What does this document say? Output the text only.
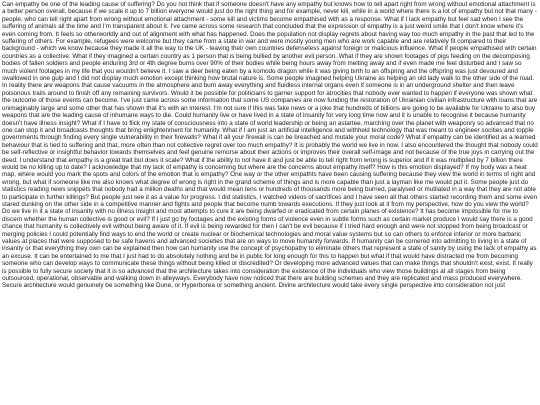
Can empathy be one of the leading cause of suffering? Do you not think that if someone doesn't have any empathy but knows how to tell apart right from wrong without emotional attachment is a better person overall, because if we scale it up to 7 billion everyone would just do the right thing and for example, never kill, while in a world where there is a lot of empathy but not that many - people, who can tell right apart from wrong without emotional attachment - some kill and victims become empathised with as a response. What if I lack empathy but feel sad when I see the suffering of animals all the time and I'm transparent about it. I've came across some research that concluded that the expression of empathy is a just weird smile that I don't know where it's even coming from. It feels so otherworldly and out of alignment with what has happened. Does the population not display regrets about having way too much empathy in the past that led to the suffering of others. For example, refugees were welcome but they came from a state in war and were mostly young men who are work capable and are relatively fit compared to their background - which we know because they made it all the way to the UK - leaving their own countries defenseless against foreign or malicious influence. What if people empathised with certain countries as a collective. What if they imagined a certain country as 1 person that is being bullied by another evil person. What if they are shown footages of pigs feeding on the decomposing bodies of fallen soldiers and people enduring 3rd or 4th degree burns over 90% of their bodies while being hours away from melting away and if even made me feel disturbed and I saw so much violent footages in my life that you wouldn't believe it. I saw a deer being eaten by a komodo dragon while it was giving birth to an offspring and the offspring was just devoured and swallowed in one gulp and I did not display much emotion except thinking how brutal nature is. Some people imagined helping Ukraine as helping an old lady walk to the other side of the road. In reality there are weapons that cause vacuums in the atmosphere and burn away everything and fluidless internal organs even if someone is in an underground shelter and then leave poisonous trails around to finish off any remaining survivors. Would it be possible for politicians to garner support for atrocities that nobody ever wanted to happen if everyone was shown what the outcome of those events can become. I've just came across some information that some US companies are now funding the restoration of Ukrainian civilian infrastructure with loans that are unimaginably large and some other that has shown that it's with an interest. I'm not sure if this was fake news or a joke that hundreds of billions are going to be available for Ukraine to also buy weapons that are the leading cause of inhumane ways to die. Could humanity live or have lived in a state of insanity for very long time now and it is unable to recognise it because humanity doesn't have illness insight? What if I have to flick my state of consciousness into a state of world leadership or being an astartee, marching over the planet with weaponry so advanced that no one can stop it and broadcasts thoughts that bring enlightenment for humanity. What if I am just an artificial intelligence and withheld technology that was meant to engineer socities and topple governments through finding every single vulnerability in their firewalls? What if all your firewall is can be breached and mutate your moral code? What if empathy can be identified as a learned behaviour that is tied to suffering and that, more often than not collective regret over too much empathy? It is probably the world we live in now. I also encountered the thought that nobody could be self-reflective or insightful behavior towards themselves and feel genuine remorse about their actions or improves their overall self-image and not because of the true joys in carrying out the deed. I understand that empathy is a great trait but does it scale? What if the ability to not have it and just be able to tell right from wrong is superior and if it was multiplied by 7 billion there would be no killing up to date? I acknowledge that my lack of empathy is concerning but where are the concerns about empathy itself? How is this emotion displayed? If my body was a heat map, where would you mark the spots and colors of the emotion that is empathy? One way or the other empathts have been causing suffering because they view the world in terms of right and wrong, but what if someone like me also knows what degree of wrong is right in the grand scheme of things and is more capable than just a layman like me would put it. Some people just do statistics reading news snippets that nobody had a million deaths and that would mean tens or hundreds of thousands more being burned, paralysed or mutilated in a way that they are not able to participate in further killings? But people just see it as a value for progress. I did statistics, I watched videos of sacrifices and I have seen all that others started recording them and some even stared dunking on the other side in a competitive manner and fights and people that become numb towards executions. If they just look at it from my perspective, how do you view the world? Do we live in it a state of insanity with no illness insight and most attempts to cure it are being dwarfed or eradicated from certain planes of existence? It has become impossible for me to discern whether the human collective is good or evil? If I just go by footages and the existing forms of violence even in subtle forms such as certain market produce I would say there is a good chance that humanity is collectively evil without being aware of it. If evil is being rewarded for then I can't be evil because if I tried hard enough and were not stopped from being broadcast or merging policies I could potentially find ways to end the world or create nuclear or biochemical technologies and moral value systems but so can others to enforce inferior or more barbaric values at places that were supposed to be safe havens and advanced societies that are on ways to move humanity forwards. If humanity can be cornered into admitting to living in a state of insanity or that everything they own can be explained then how can humanity use the concept of psychopathy to eliminate others that represent a state of sanity by using the lack of empathy as an excuse. It can be entertained to me that I just had to do absolutely nothing and be in public for long enough for this to happen but what if that would have distracted me from becoming someone who can develop ways to communicate these things without being killed or discredited? Or developing more advanced values that can make things that shouldn't exist, exist. It really is possible to fully secure society that it is so advanced that the architecture takes into consideration the existence of the individuals who view those buildings at all stages from being outsourced, operational, observable and walking down in alleyways. Everybody have now noticed that there are building schemes and they are replicated and mass produced everywhere. Secure architecture would genuinely be something like Dune, or Hyperborea or something ancient. Divine architecture would take every single perspective into consideration not just
